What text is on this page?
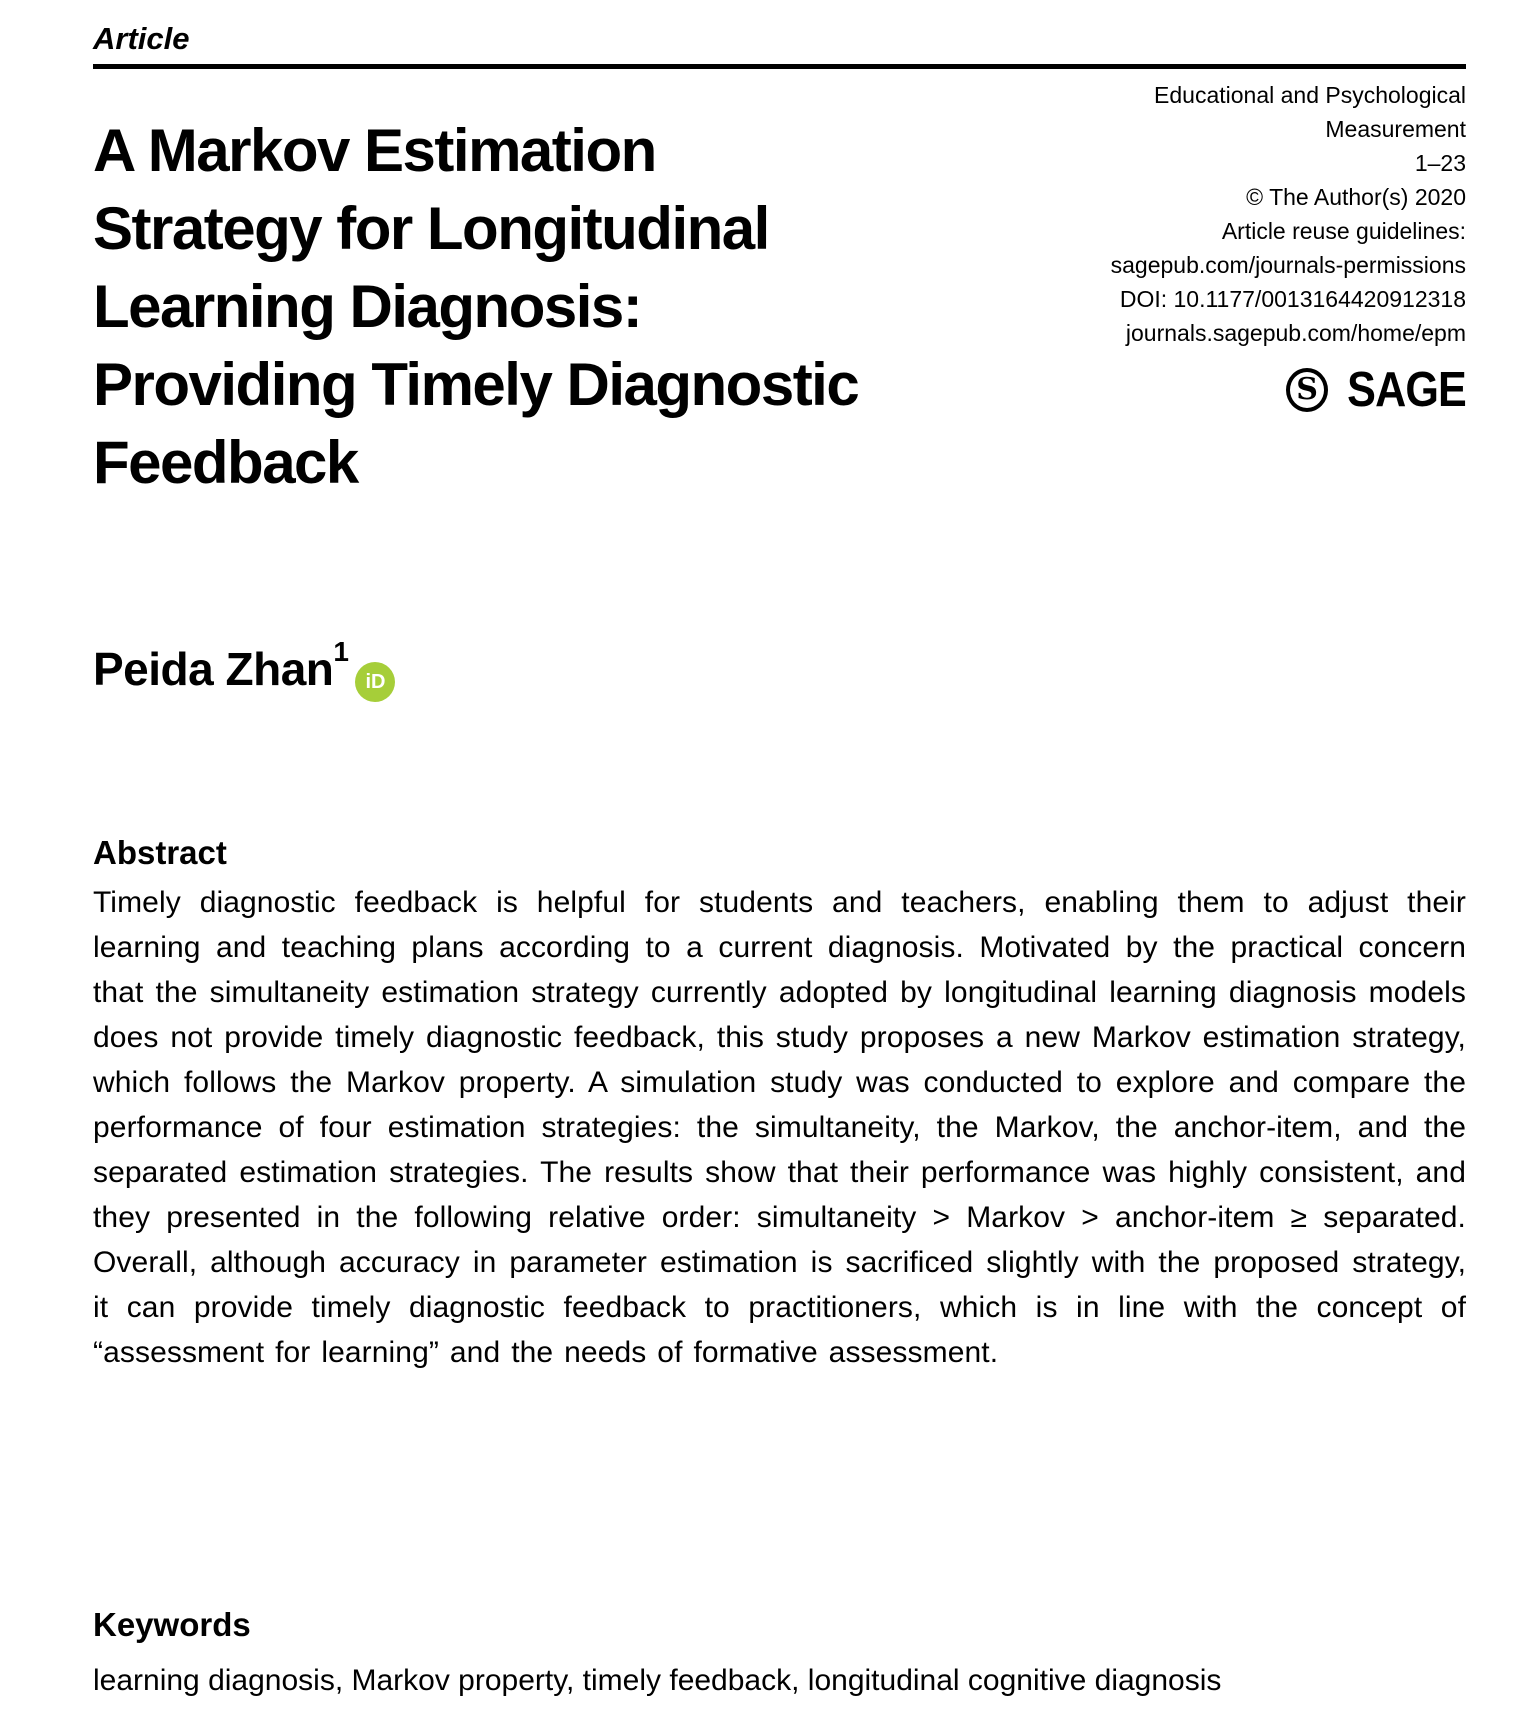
Article
A Markov Estimation
Strategy for Longitudinal
Learning Diagnosis:
Providing Timely Diagnostic
Feedback
Educational and Psychological
Measurement
1–23
© The Author(s) 2020
Article reuse guidelines:
sagepub.com/journals-permissions
DOI: 10.1177/0013164420912318
journals.sagepub.com/home/epm
S SAGE
Peida Zhan$^1$iD
Abstract

Timely diagnostic feedback is helpful for students and teachers, enabling them to adjust their learning and teaching plans according to a current diagnosis. Motivated by the practical concern that the simultaneity estimation strategy currently adopted by longitudinal learning diagnosis models does not provide timely diagnostic feedback, this study proposes a new Markov estimation strategy, which follows the Markov property. A simulation study was conducted to explore and compare the performance of four estimation strategies: the simultaneity, the Markov, the anchor-item, and the separated estimation strategies. The results show that their performance was highly consistent, and they presented in the following relative order: simultaneity > Markov > anchor-item ≥ separated. Overall, although accuracy in parameter estimation is sacrificed slightly with the proposed strategy, it can provide timely diagnostic feedback to practitioners, which is in line with the concept of “assessment for learning” and the needs of formative assessment.

Keywords

learning diagnosis, Markov property, timely feedback, longitudinal cognitive diagnosis
